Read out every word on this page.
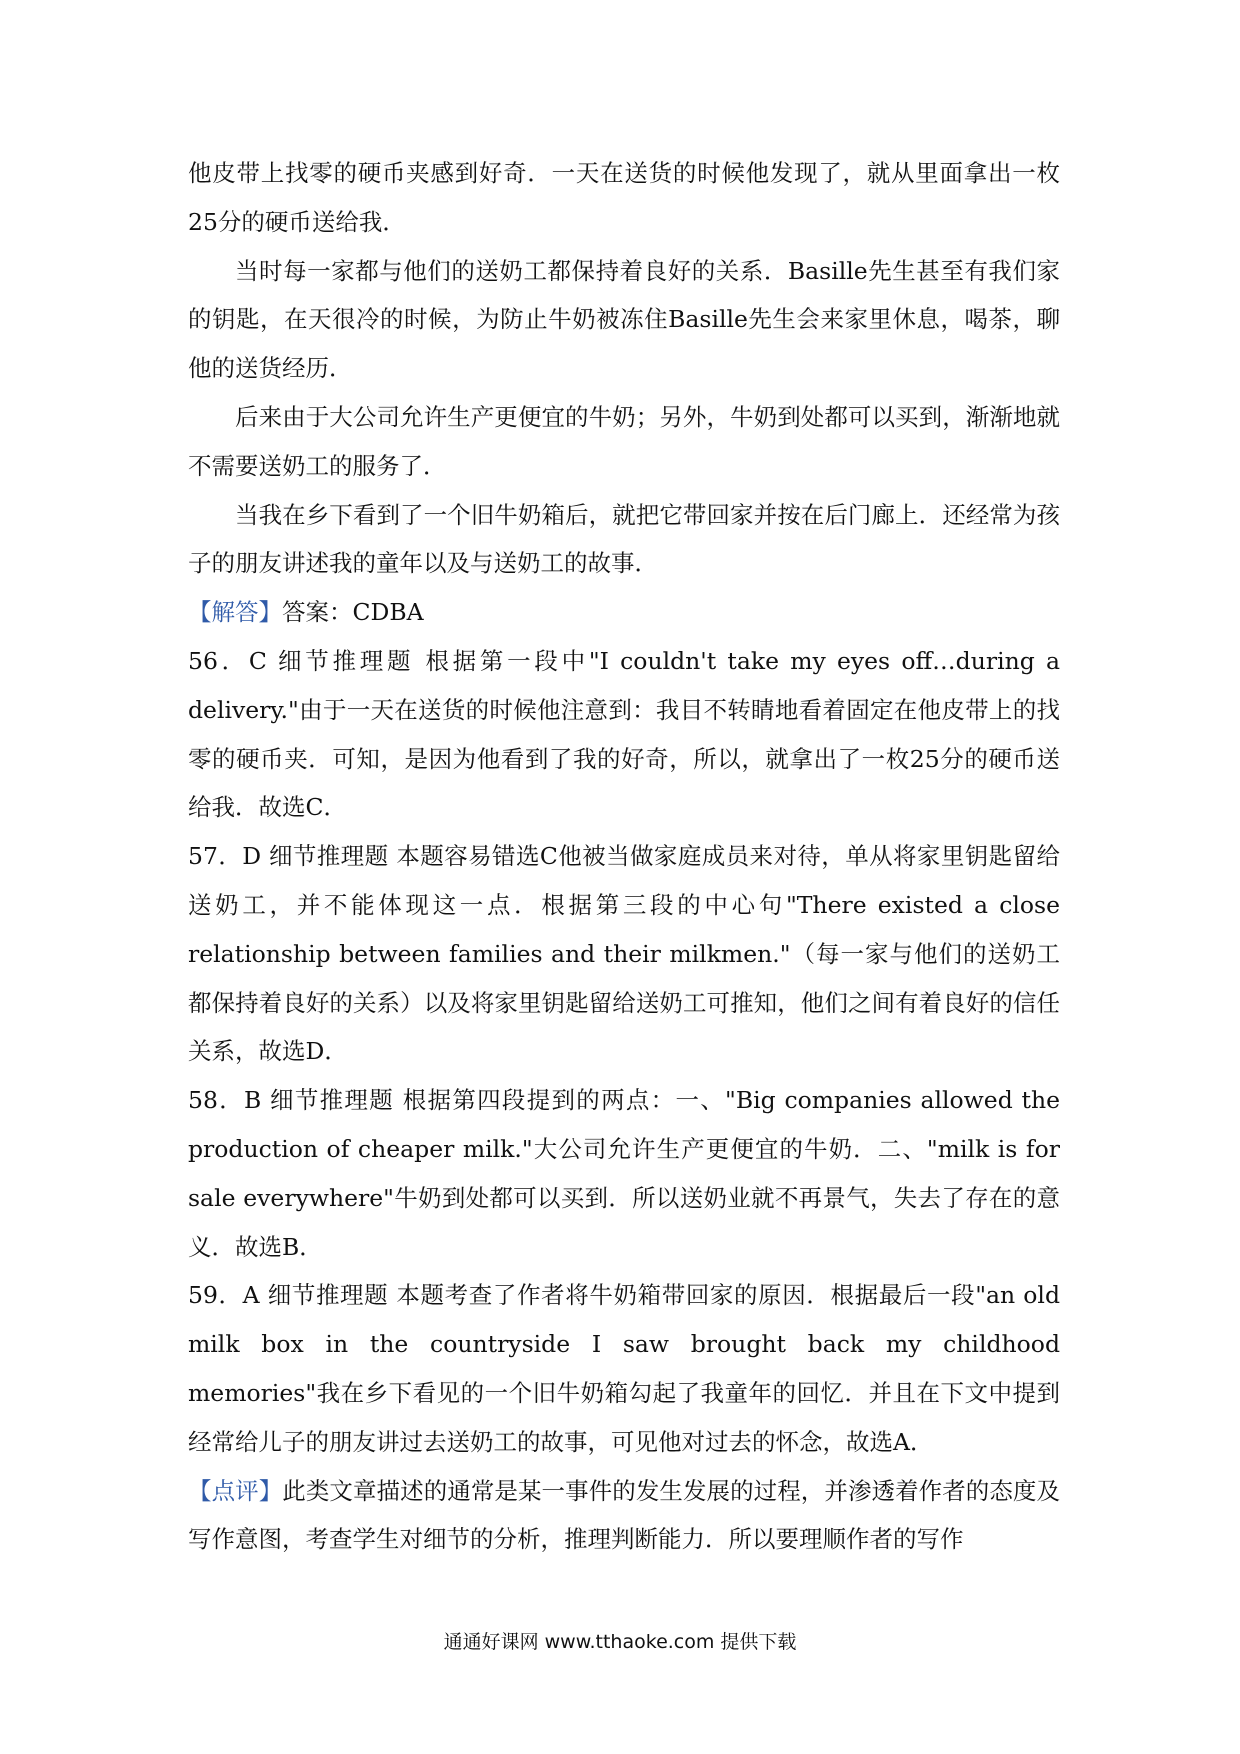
他皮带上找零的硬币夹感到好奇．一天在送货的时候他发现了，就从里面拿出一枚25分的硬币送给我．

当时每一家都与他们的送奶工都保持着良好的关系．Basille先生甚至有我们家的钥匙，在天很冷的时候，为防止牛奶被冻住Basille先生会来家里休息，喝茶，聊他的送货经历．

后来由于大公司允许生产更便宜的牛奶；另外，牛奶到处都可以买到，渐渐地就不需要送奶工的服务了．

当我在乡下看到了一个旧牛奶箱后，就把它带回家并按在后门廊上．还经常为孩子的朋友讲述我的童年以及与送奶工的故事．

【解答】答案：CDBA

56．C 细节推理题 根据第一段中"I couldn't take my eyes off…during a delivery."由于一天在送货的时候他注意到：我目不转睛地看着固定在他皮带上的找零的硬币夹．可知，是因为他看到了我的好奇，所以，就拿出了一枚25分的硬币送给我．故选C．

57．D 细节推理题 本题容易错选C他被当做家庭成员来对待，单从将家里钥匙留给送奶工，并不能体现这一点．根据第三段的中心句"There existed a close relationship between families and their milkmen."（每一家与他们的送奶工都保持着良好的关系）以及将家里钥匙留给送奶工可推知，他们之间有着良好的信任关系，故选D．

58．B 细节推理题 根据第四段提到的两点：一、"Big companies allowed the production of cheaper milk."大公司允许生产更便宜的牛奶．二、"milk is for sale everywhere"牛奶到处都可以买到．所以送奶业就不再景气，失去了存在的意义．故选B．

59．A 细节推理题 本题考查了作者将牛奶箱带回家的原因．根据最后一段"an old milk box in the countryside I saw brought back my childhood memories"我在乡下看见的一个旧牛奶箱勾起了我童年的回忆．并且在下文中提到经常给儿子的朋友讲过去送奶工的故事，可见他对过去的怀念，故选A．

【点评】此类文章描述的通常是某一事件的发生发展的过程，并渗透着作者的态度及写作意图，考查学生对细节的分析，推理判断能力．所以要理顺作者的写作

通通好课网 www.tthaoke.com 提供下载
